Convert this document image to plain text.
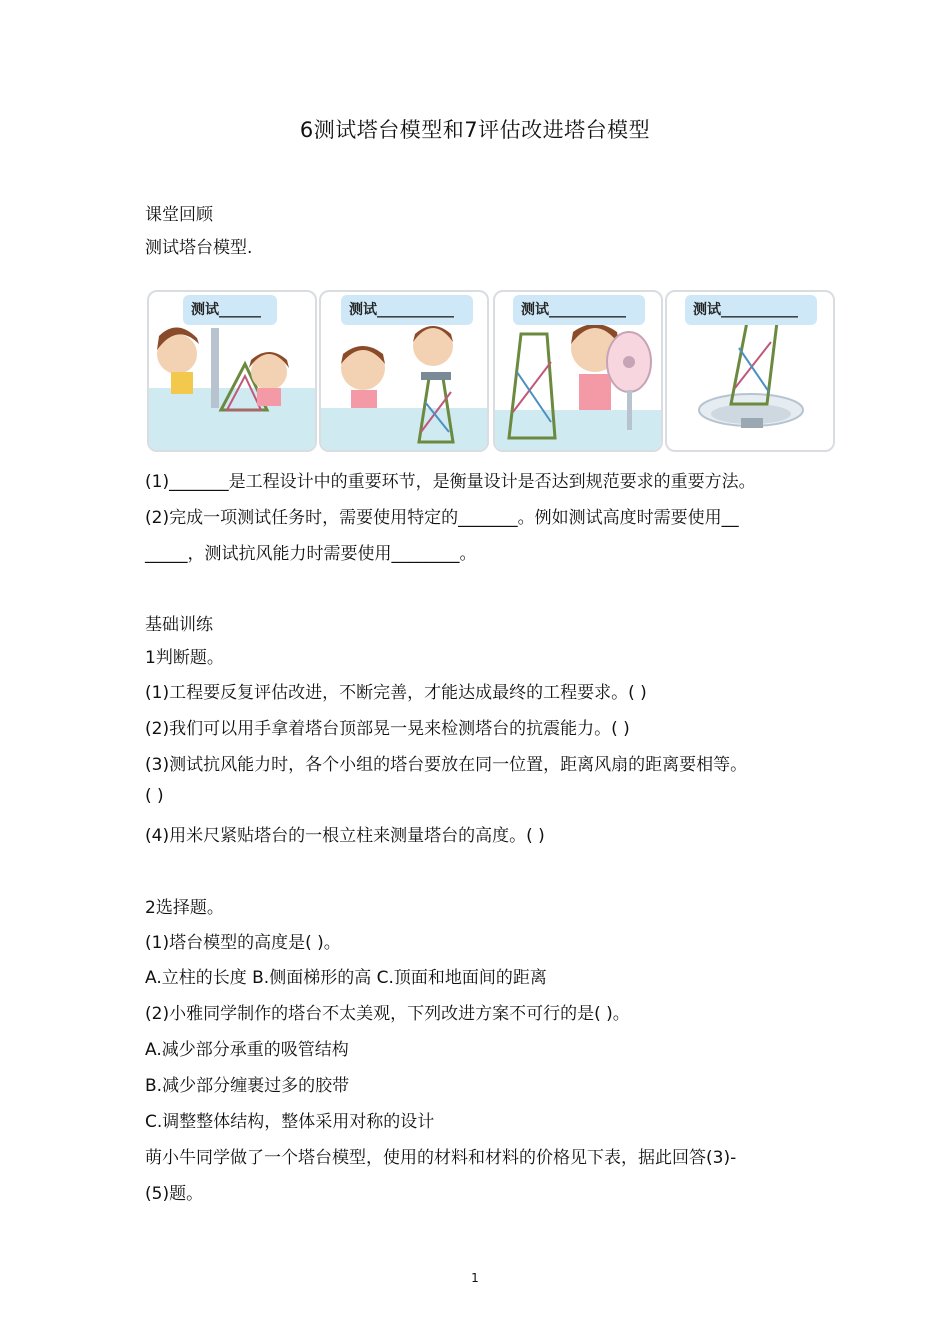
6测试塔台模型和7评估改进塔台模型
课堂回顾
测试塔台模型.
测试______	测试___________	测试___________	测试___________
(1)_______是工程设计中的重要环节，是衡量设计是否达到规范要求的重要方法。
(2)完成一项测试任务时，需要使用特定的_______。例如测试高度时需要使用__
_____，测试抗风能力时需要使用________。
基础训练
1判断题。
(1)工程要反复评估改进，不断完善，才能达成最终的工程要求。( )
(2)我们可以用手拿着塔台顶部晃一晃来检测塔台的抗震能力。( )
(3)测试抗风能力时，各个小组的塔台要放在同一位置，距离风扇的距离要相等。
( )
(4)用米尺紧贴塔台的一根立柱来测量塔台的高度。( )
2选择题。
(1)塔台模型的高度是( )。
A.立柱的长度 B.侧面梯形的高 C.顶面和地面间的距离
(2)小雅同学制作的塔台不太美观，下列改进方案不可行的是( )。
A.减少部分承重的吸管结构
B.减少部分缠裹过多的胶带
C.调整整体结构，整体采用对称的设计
萌小牛同学做了一个塔台模型，使用的材料和材料的价格见下表，据此回答(3)-
(5)题。
1
